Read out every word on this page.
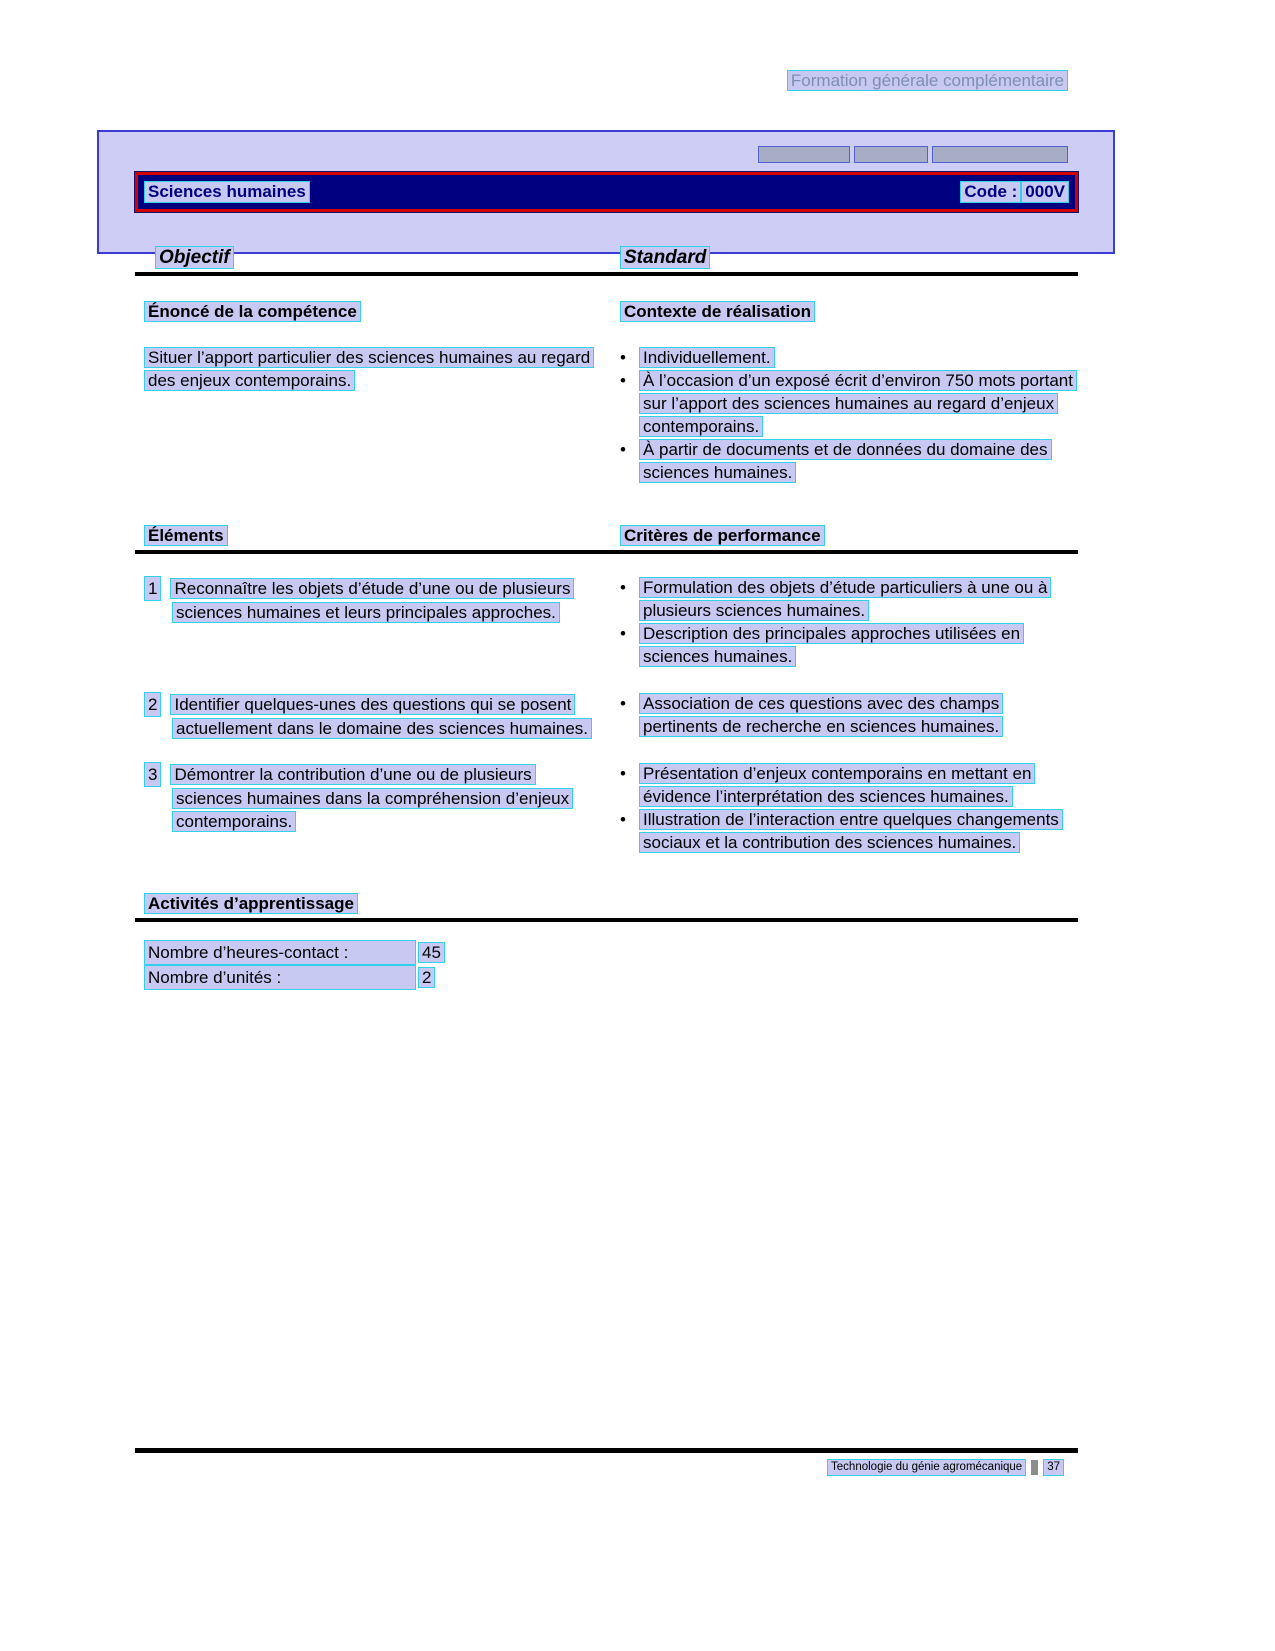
Formation générale complémentaire
Sciences humaines	Code : 000V
Objectif	Standard
Énoncé de la compétence	Contexte de réalisation
Situer l’apport particulier des sciences humaines au regard des enjeux contemporains.
• Individuellement.
• À l’occasion d’un exposé écrit d’environ 750 mots portant sur l’apport des sciences humaines au regard d’enjeux contemporains.
• À partir de documents et de données du domaine des sciences humaines.
Éléments	Critères de performance
1 Reconnaître les objets d’étude d’une ou de plusieurs sciences humaines et leurs principales approches.
• Formulation des objets d’étude particuliers à une ou à plusieurs sciences humaines.
• Description des principales approches utilisées en sciences humaines.
2 Identifier quelques-unes des questions qui se posent actuellement dans le domaine des sciences humaines.
• Association de ces questions avec des champs pertinents de recherche en sciences humaines.
3 Démontrer la contribution d’une ou de plusieurs sciences humaines dans la compréhension d’enjeux contemporains.
• Présentation d’enjeux contemporains en mettant en évidence l’interprétation des sciences humaines.
• Illustration de l’interaction entre quelques changements sociaux et la contribution des sciences humaines.
Activités d’apprentissage
Nombre d’heures-contact :	45
Nombre d’unités :	2
Technologie du génie agromécanique	37
